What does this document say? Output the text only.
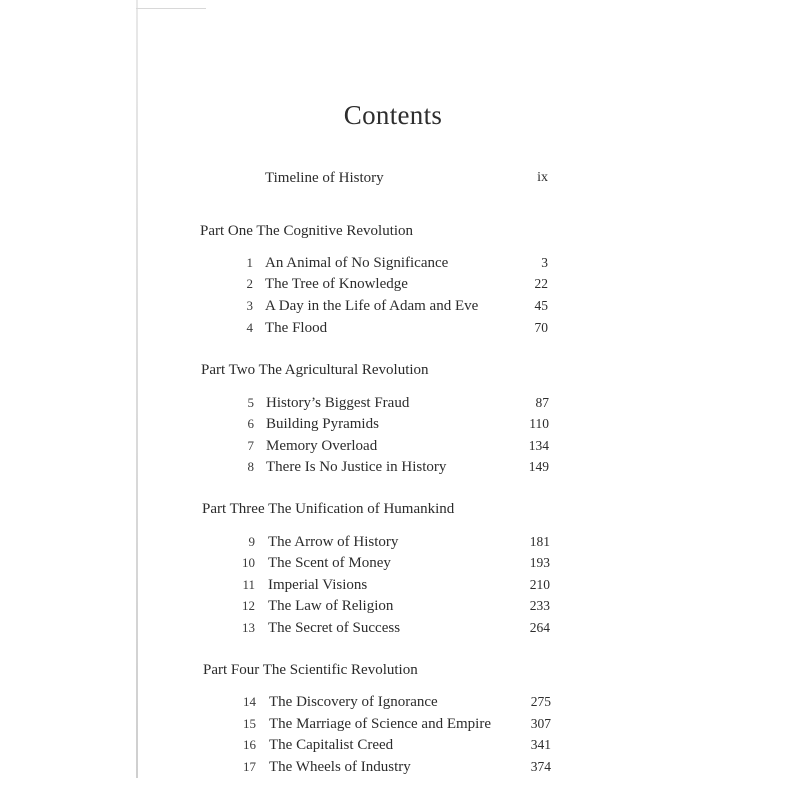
Contents
Timeline of History	ix
Part One The Cognitive Revolution
1 An Animal of No Significance	3
2 The Tree of Knowledge	22
3 A Day in the Life of Adam and Eve	45
4 The Flood	70
Part Two The Agricultural Revolution
5 History’s Biggest Fraud	87
6 Building Pyramids	110
7 Memory Overload	134
8 There Is No Justice in History	149
Part Three The Unification of Humankind
9 The Arrow of History	181
10 The Scent of Money	193
11 Imperial Visions	210
12 The Law of Religion	233
13 The Secret of Success	264
Part Four The Scientific Revolution
14 The Discovery of Ignorance	275
15 The Marriage of Science and Empire	307
16 The Capitalist Creed	341
17 The Wheels of Industry	374
